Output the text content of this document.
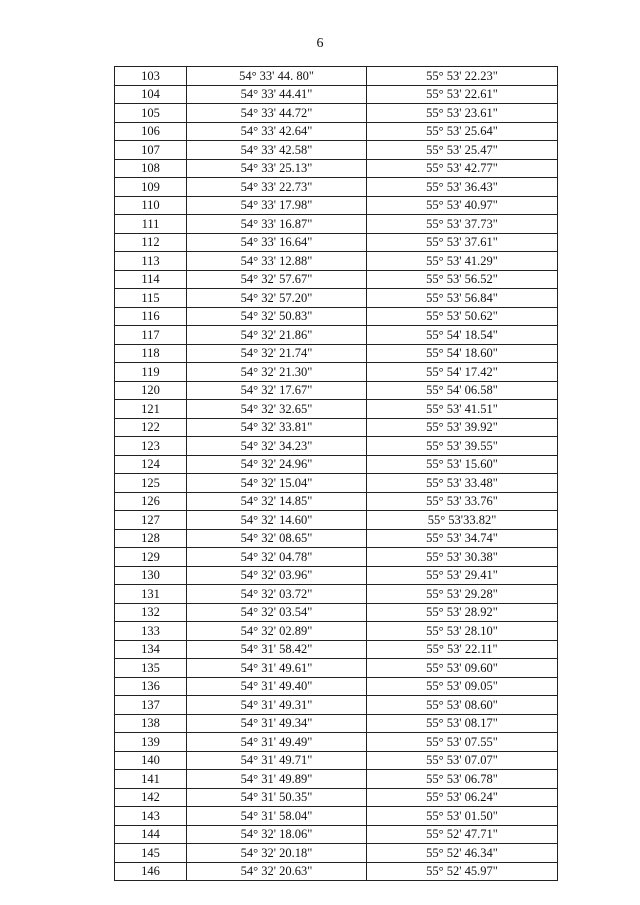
6
103	54° 33' 44. 80"	55° 53' 22.23"
104	54° 33' 44.41"	55° 53' 22.61"
105	54° 33' 44.72"	55° 53' 23.61"
106	54° 33' 42.64"	55° 53' 25.64"
107	54° 33' 42.58"	55° 53' 25.47"
108	54° 33' 25.13"	55° 53' 42.77"
109	54° 33' 22.73"	55° 53' 36.43"
110	54° 33' 17.98"	55° 53' 40.97"
111	54° 33' 16.87"	55° 53' 37.73"
112	54° 33' 16.64"	55° 53' 37.61"
113	54° 33' 12.88"	55° 53' 41.29"
114	54° 32' 57.67"	55° 53' 56.52"
115	54° 32' 57.20"	55° 53' 56.84"
116	54° 32' 50.83"	55° 53' 50.62"
117	54° 32' 21.86"	55° 54' 18.54"
118	54° 32' 21.74"	55° 54' 18.60"
119	54° 32' 21.30"	55° 54' 17.42"
120	54° 32' 17.67"	55° 54' 06.58"
121	54° 32' 32.65"	55° 53' 41.51"
122	54° 32' 33.81"	55° 53' 39.92"
123	54° 32' 34.23"	55° 53' 39.55"
124	54° 32' 24.96"	55° 53' 15.60"
125	54° 32' 15.04"	55° 53' 33.48"
126	54° 32' 14.85"	55° 53' 33.76"
127	54° 32' 14.60"	55° 53'33.82"
128	54° 32' 08.65"	55° 53' 34.74"
129	54° 32' 04.78"	55° 53' 30.38"
130	54° 32' 03.96"	55° 53' 29.41"
131	54° 32' 03.72"	55° 53' 29.28"
132	54° 32' 03.54"	55° 53' 28.92"
133	54° 32' 02.89"	55° 53' 28.10"
134	54° 31' 58.42"	55° 53' 22.11"
135	54° 31' 49.61"	55° 53' 09.60"
136	54° 31' 49.40"	55° 53' 09.05"
137	54° 31' 49.31"	55° 53' 08.60"
138	54° 31' 49.34"	55° 53' 08.17"
139	54° 31' 49.49"	55° 53' 07.55"
140	54° 31' 49.71"	55° 53' 07.07"
141	54° 31' 49.89"	55° 53' 06.78"
142	54° 31' 50.35"	55° 53' 06.24"
143	54° 31' 58.04"	55° 53' 01.50"
144	54° 32' 18.06"	55° 52' 47.71"
145	54° 32' 20.18"	55° 52' 46.34"
146	54° 32' 20.63"	55° 52' 45.97"
